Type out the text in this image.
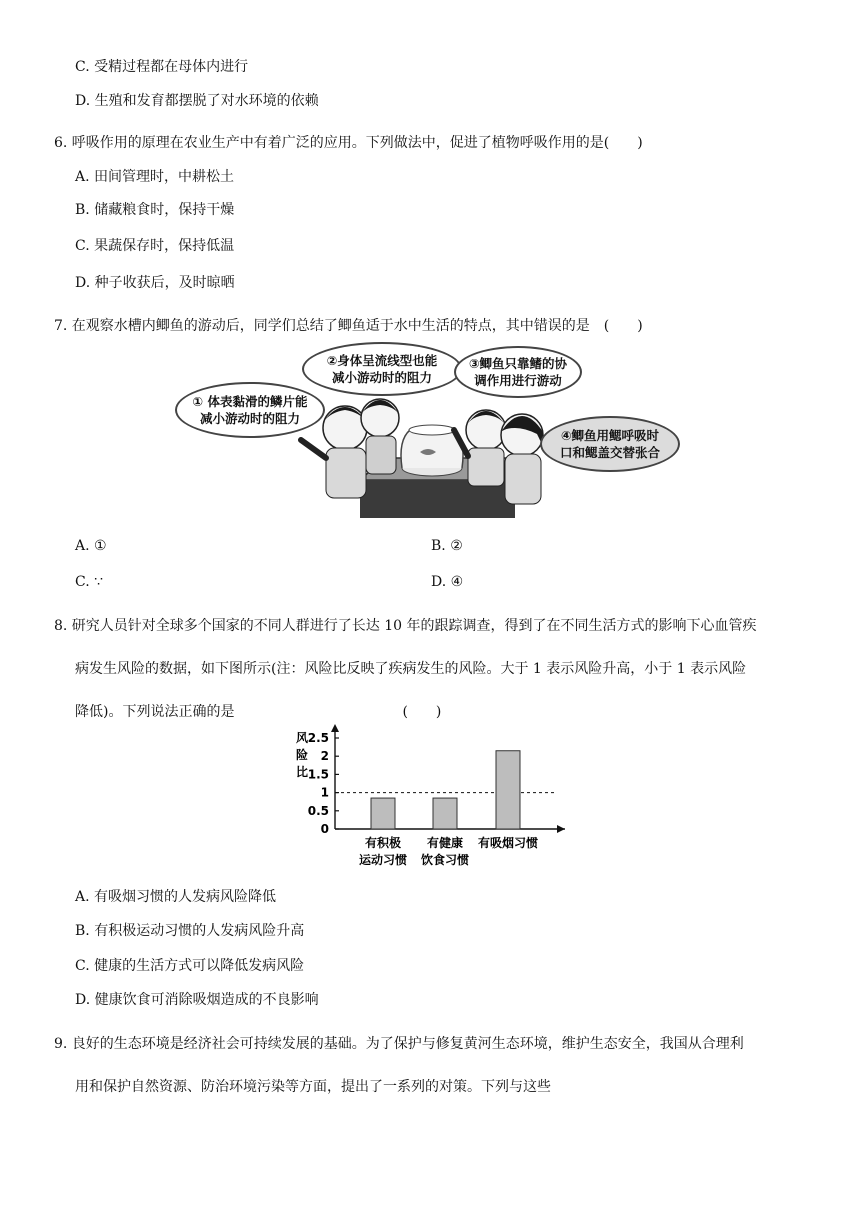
C. 受精过程都在母体内进行
D. 生殖和发育都摆脱了对水环境的依赖
6. 呼吸作用的原理在农业生产中有着广泛的应用。下列做法中，促进了植物呼吸作用的是(　　)
A. 田间管理时，中耕松土
B. 储藏粮食时，保持干燥
C. 果蔬保存时，保持低温
D. 种子收获后，及时晾晒
7. 在观察水槽内鲫鱼的游动后，同学们总结了鲫鱼适于水中生活的特点，其中错误的是　(　　)
① 体表黏滑的鳞片能
减小游动时的阻力
②身体呈流线型也能
减小游动时的阻力
③鲫鱼只靠鳍的协
调作用进行游动
④鲫鱼用鳃呼吸时
口和鳃盖交替张合
A. ①	B. ②
C. ∵	D. ④
8. 研究人员针对全球多个国家的不同人群进行了长达 10 年的跟踪调查，得到了在不同生活方式的影响下心血管疾
病发生风险的数据，如下图所示(注：风险比反映了疾病发生的风险。大于 1 表示风险升高，小于 1 表示风险
降低)。下列说法正确的是　　　　　　　　　　　　(　　)
风
险
比
2.5
2
1.5
1
0.5
0
有积极
运动习惯
有健康
饮食习惯
有吸烟习惯
A. 有吸烟习惯的人发病风险降低
B. 有积极运动习惯的人发病风险升高
C. 健康的生活方式可以降低发病风险
D. 健康饮食可消除吸烟造成的不良影响
9. 良好的生态环境是经济社会可持续发展的基础。为了保护与修复黄河生态环境，维护生态安全，我国从合理利
用和保护自然资源、防治环境污染等方面，提出了一系列的对策。下列与这些
